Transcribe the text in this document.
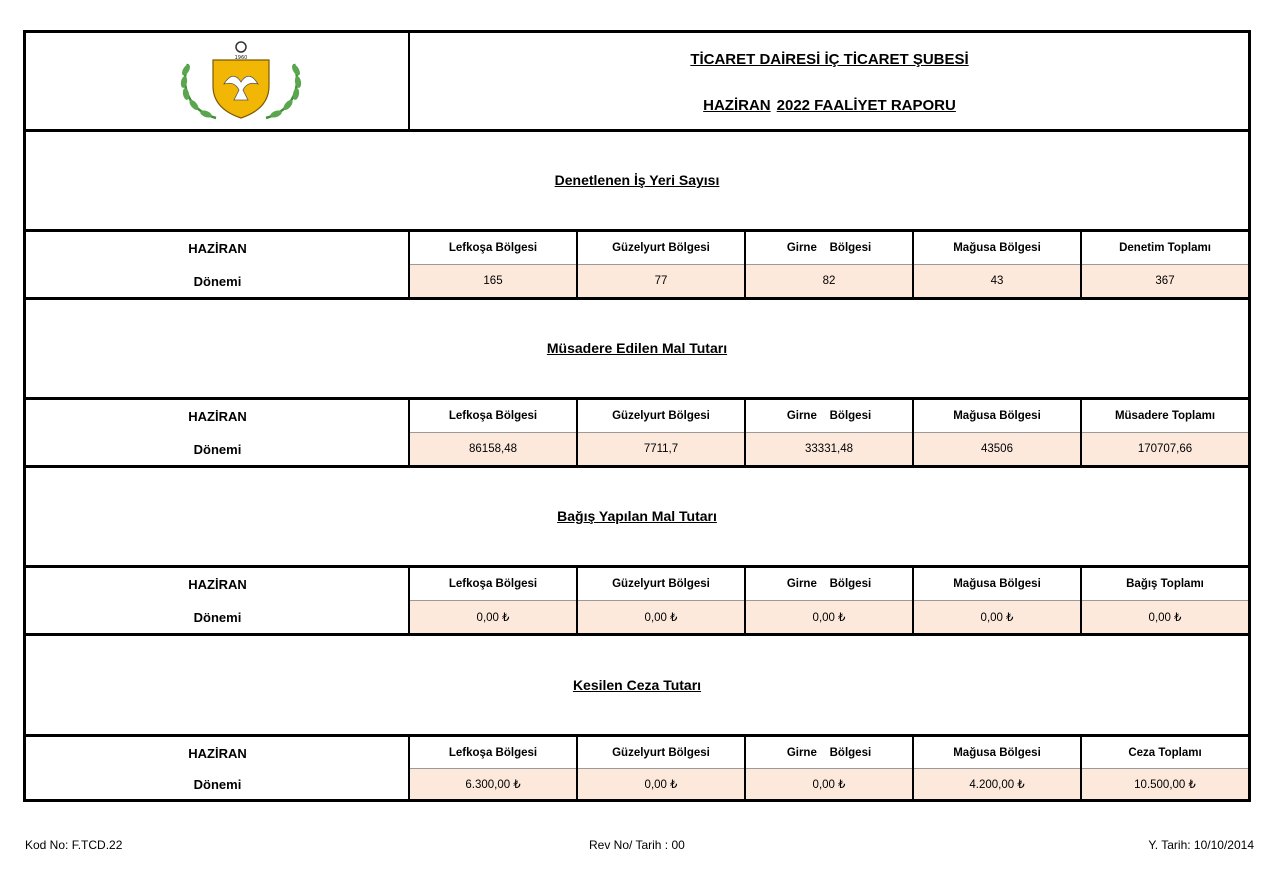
1960	TİCARET DAİRESİ İÇ TİCARET ŞUBESİ
HAZİRAN 2022 FAALİYET RAPORU
Denetlenen İş Yeri Sayısı
HAZİRAN
Dönemi
Lefkoşa Bölgesi	Güzelyurt Bölgesi	Girne    Bölgesi	Mağusa Bölgesi	Denetim Toplamı
165	77	82	43	367
Müsadere Edilen Mal Tutarı
HAZİRAN
Dönemi
Lefkoşa Bölgesi	Güzelyurt Bölgesi	Girne    Bölgesi	Mağusa Bölgesi	Müsadere Toplamı
86158,48	7711,7	33331,48	43506	170707,66
Bağış Yapılan Mal Tutarı
HAZİRAN
Dönemi
Lefkoşa Bölgesi	Güzelyurt Bölgesi	Girne    Bölgesi	Mağusa Bölgesi	Bağış Toplamı
0,00 ₺	0,00 ₺	0,00 ₺	0,00 ₺	0,00 ₺
Kesilen Ceza Tutarı
HAZİRAN
Dönemi
Lefkoşa Bölgesi	Güzelyurt Bölgesi	Girne    Bölgesi	Mağusa Bölgesi	Ceza Toplamı
6.300,00 ₺	0,00 ₺	0,00 ₺	4.200,00 ₺	10.500,00 ₺
Kod No: F.TCD.22	Rev No/ Tarih : 00	Y. Tarih: 10/10/2014
